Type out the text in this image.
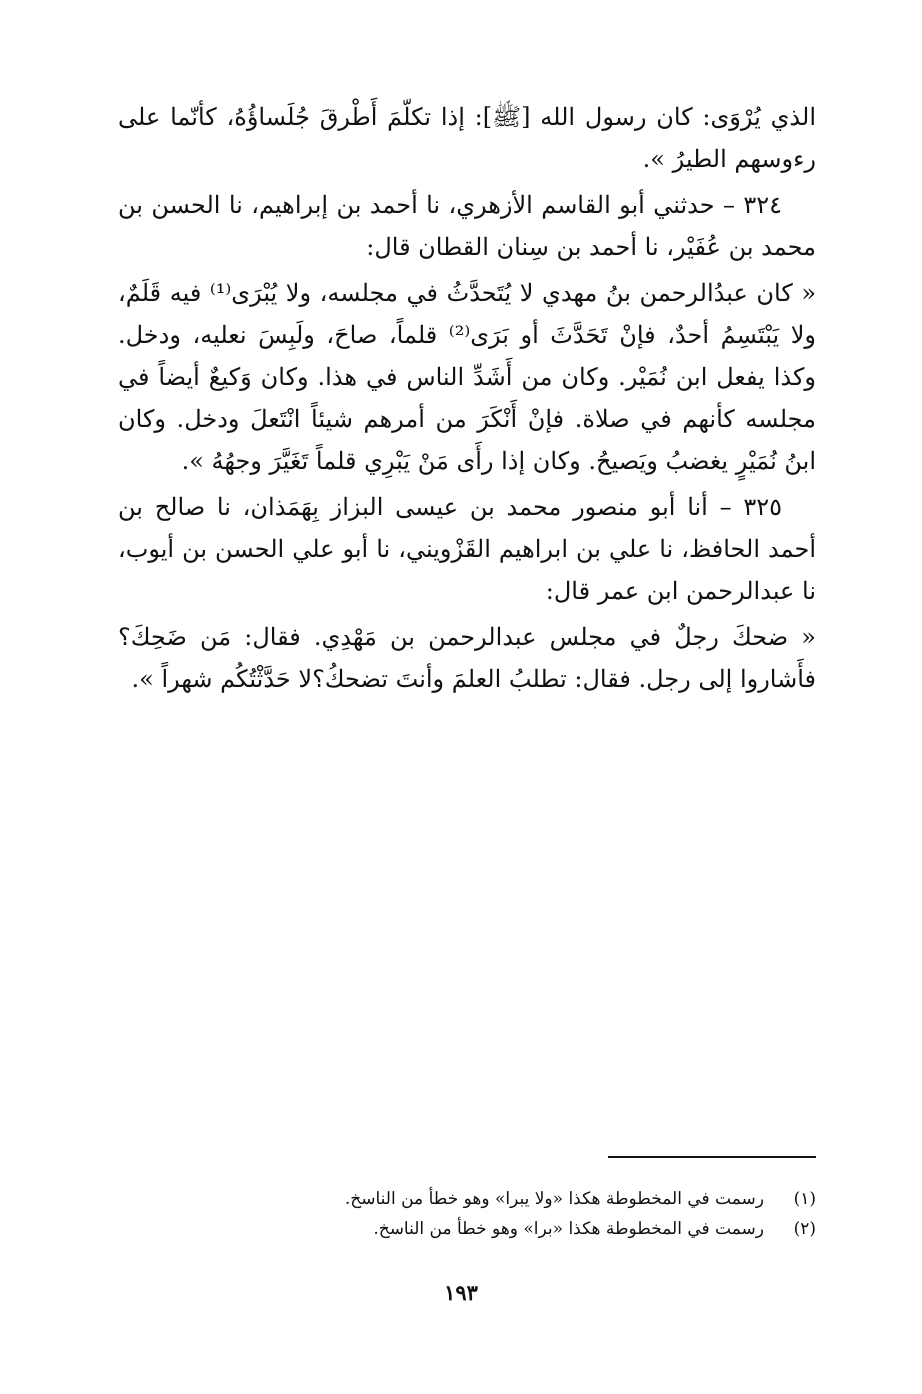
الذي يُرْوَى: كان رسول الله [ﷺ]: إذا تكلّمَ أَطْرقَ جُلَساؤُهُ، كأنّما على رءوسهم الطيرُ ».

٣٢٤ – حدثني أبو القاسم الأزهري، نا أحمد بن إبراهيم، نا الحسن بن محمد بن عُفَيْر، نا أحمد بن سِنان القطان قال:

« كان عبدُالرحمن بنُ مهدي لا يُتَحدَّثُ في مجلسه، ولا يُبْرَى⁽¹⁾ فيه قَلَمٌ، ولا يَبْتَسِمُ أحدٌ، فإنْ تَحَدَّثَ أو بَرَى⁽²⁾ قلماً، صاحَ، ولَبِسَ نعليه، ودخل. وكذا يفعل ابن نُمَيْر. وكان من أَشَدِّ الناس في هذا. وكان وَكيعٌ أيضاً في مجلسه كأنهم في صلاة. فإنْ أَنْكَرَ من أمرهم شيئاً انْتَعلَ ودخل. وكان ابنُ نُمَيْرٍ يغضبُ ويَصيحُ. وكان إذا رأَى مَنْ يَبْرِي قلماً تَغَيَّرَ وجهُهُ ».

٣٢٥ – أنا أبو منصور محمد بن عيسى البزاز بِهَمَذان، نا صالح بن أحمد الحافظ، نا علي بن ابراهيم القَزْويني، نا أبو علي الحسن بن أيوب، نا عبدالرحمن ابن عمر قال:

« ضحكَ رجلٌ في مجلس عبدالرحمن بن مَهْدِي. فقال: مَن ضَحِكَ؟ فأَشاروا إلى رجل. فقال: تطلبُ العلمَ وأنتَ تضحكُ؟لا حَدَّثْتُكُم شهراً ».

(١)
رسمت في المخطوطة هكذا «ولا يبرا» وهو خطأ من الناسخ.
(٢)
رسمت في المخطوطة هكذا «برا» وهو خطأ من الناسخ.
١٩٣
